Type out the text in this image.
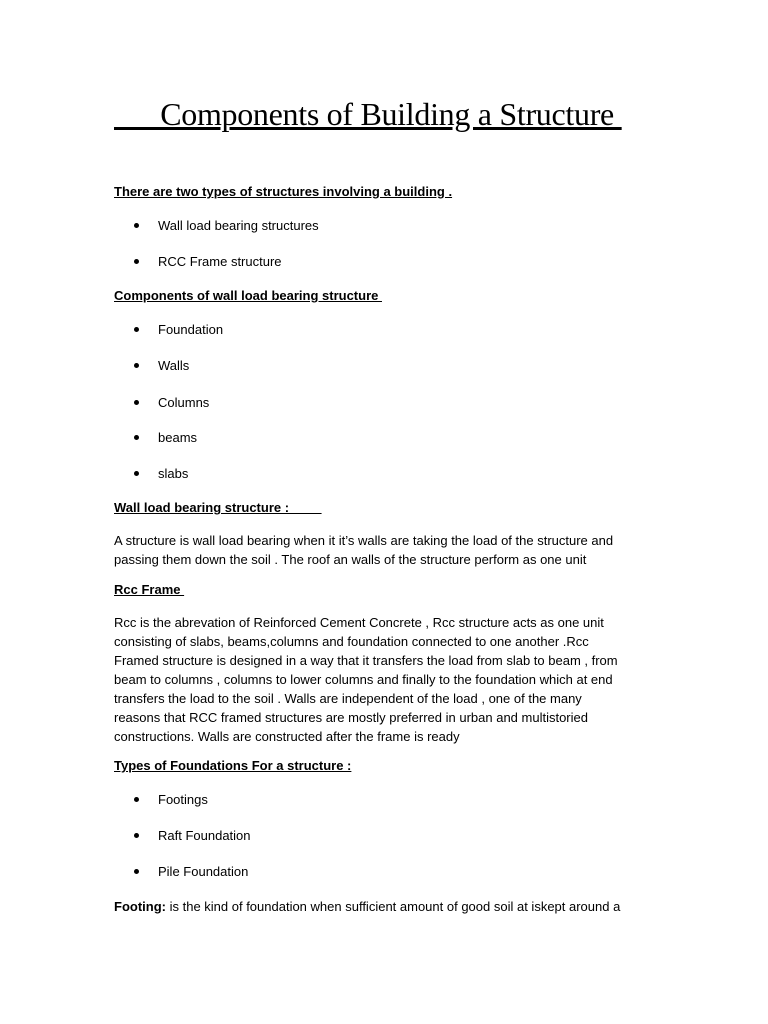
Components of Building a Structure
There are two types of structures involving a building .
Wall load bearing structures
RCC Frame structure
Components of wall load bearing structure
Foundation
Walls
Columns
beams
slabs
Wall load bearing structure :
A structure is wall load bearing when it it’s walls are taking the load of the structure and
passing them down the soil . The roof an walls of the structure perform as one unit
Rcc Frame
Rcc is the abrevation of Reinforced Cement Concrete , Rcc structure acts as one unit
consisting of slabs, beams,columns and foundation connected to one another .Rcc
Framed structure is designed in a way that it transfers the load from slab to beam , from
beam to columns , columns to lower columns and finally to the foundation which at end
transfers the load to the soil . Walls are independent of the load , one of the many
reasons that RCC framed structures are mostly preferred in urban and multistoried
constructions. Walls are constructed after the frame is ready
Types of Foundations For a structure :
Footings
Raft Foundation
Pile Foundation
Footing: is the kind of foundation when sufficient amount of good soil at iskept around a
